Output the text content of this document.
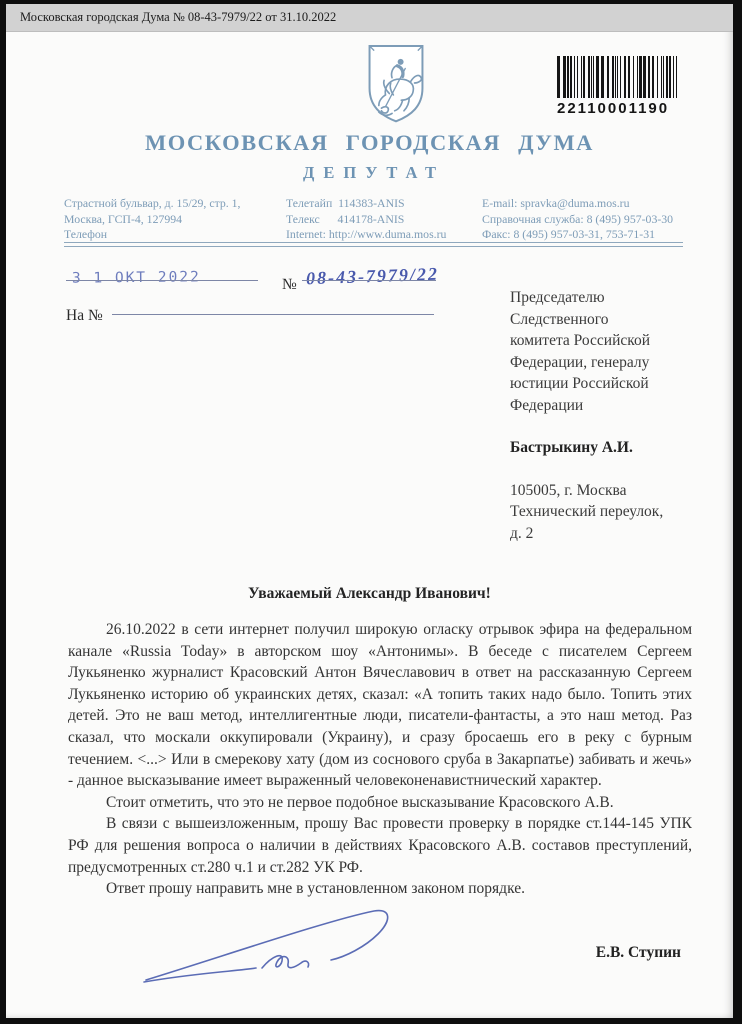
Московская городская Дума № 08-43-7979/22 от 31.10.2022
22110001190
МОСКОВСКАЯ ГОРОДСКАЯ ДУМА
ДЕПУТАТ
Страстной бульвар, д. 15/29, стр. 1,
Москва, ГСП-4, 127994
Телефон
Телетайп  114383-ANIS
Телекс      414178-ANIS
Internet: http://www.duma.mos.ru
E-mail: spravka@duma.mos.ru
Справочная служба: 8 (495) 957-03-30
Факс: 8 (495) 957-03-31, 753-71-31
3 1 ОКТ 2022	№ 08-43-7979/22
На №
Председателю
Следственного
комитета Российской
Федерации, генералу
юстиции Российской
Федерации
Бастрыкину А.И.
105005, г. Москва
Технический переулок,
д. 2
Уважаемый Александр Иванович!

26.10.2022 в сети интернет получил широкую огласку отрывок эфира на федеральном канале «Russia Today» в авторском шоу «Антонимы». В беседе с писателем Сергеем Лукьяненко журналист Красовский Антон Вячеславович в ответ на рассказанную Сергеем Лукьяненко историю об украинских детях, сказал: «А топить таких надо было. Топить этих детей. Это не ваш метод, интеллигентные люди, писатели-фантасты, а это наш метод. Раз сказал, что москали оккупировали (Украину), и сразу бросаешь его в реку с бурным течением. <...> Или в смерекову хату (дом из соснового сруба в Закарпатье) забивать и жечь» - данное высказывание имеет выраженный человеконенавистнический характер.

Стоит отметить, что это не первое подобное высказывание Красовского А.В.

В связи с вышеизложенным, прошу Вас провести проверку в порядке ст.144-145 УПК РФ для решения вопроса о наличии в действиях Красовского А.В. составов преступлений, предусмотренных ст.280 ч.1 и ст.282 УК РФ.

Ответ прошу направить мне в установленном законом порядке.

Е.В. Ступин
